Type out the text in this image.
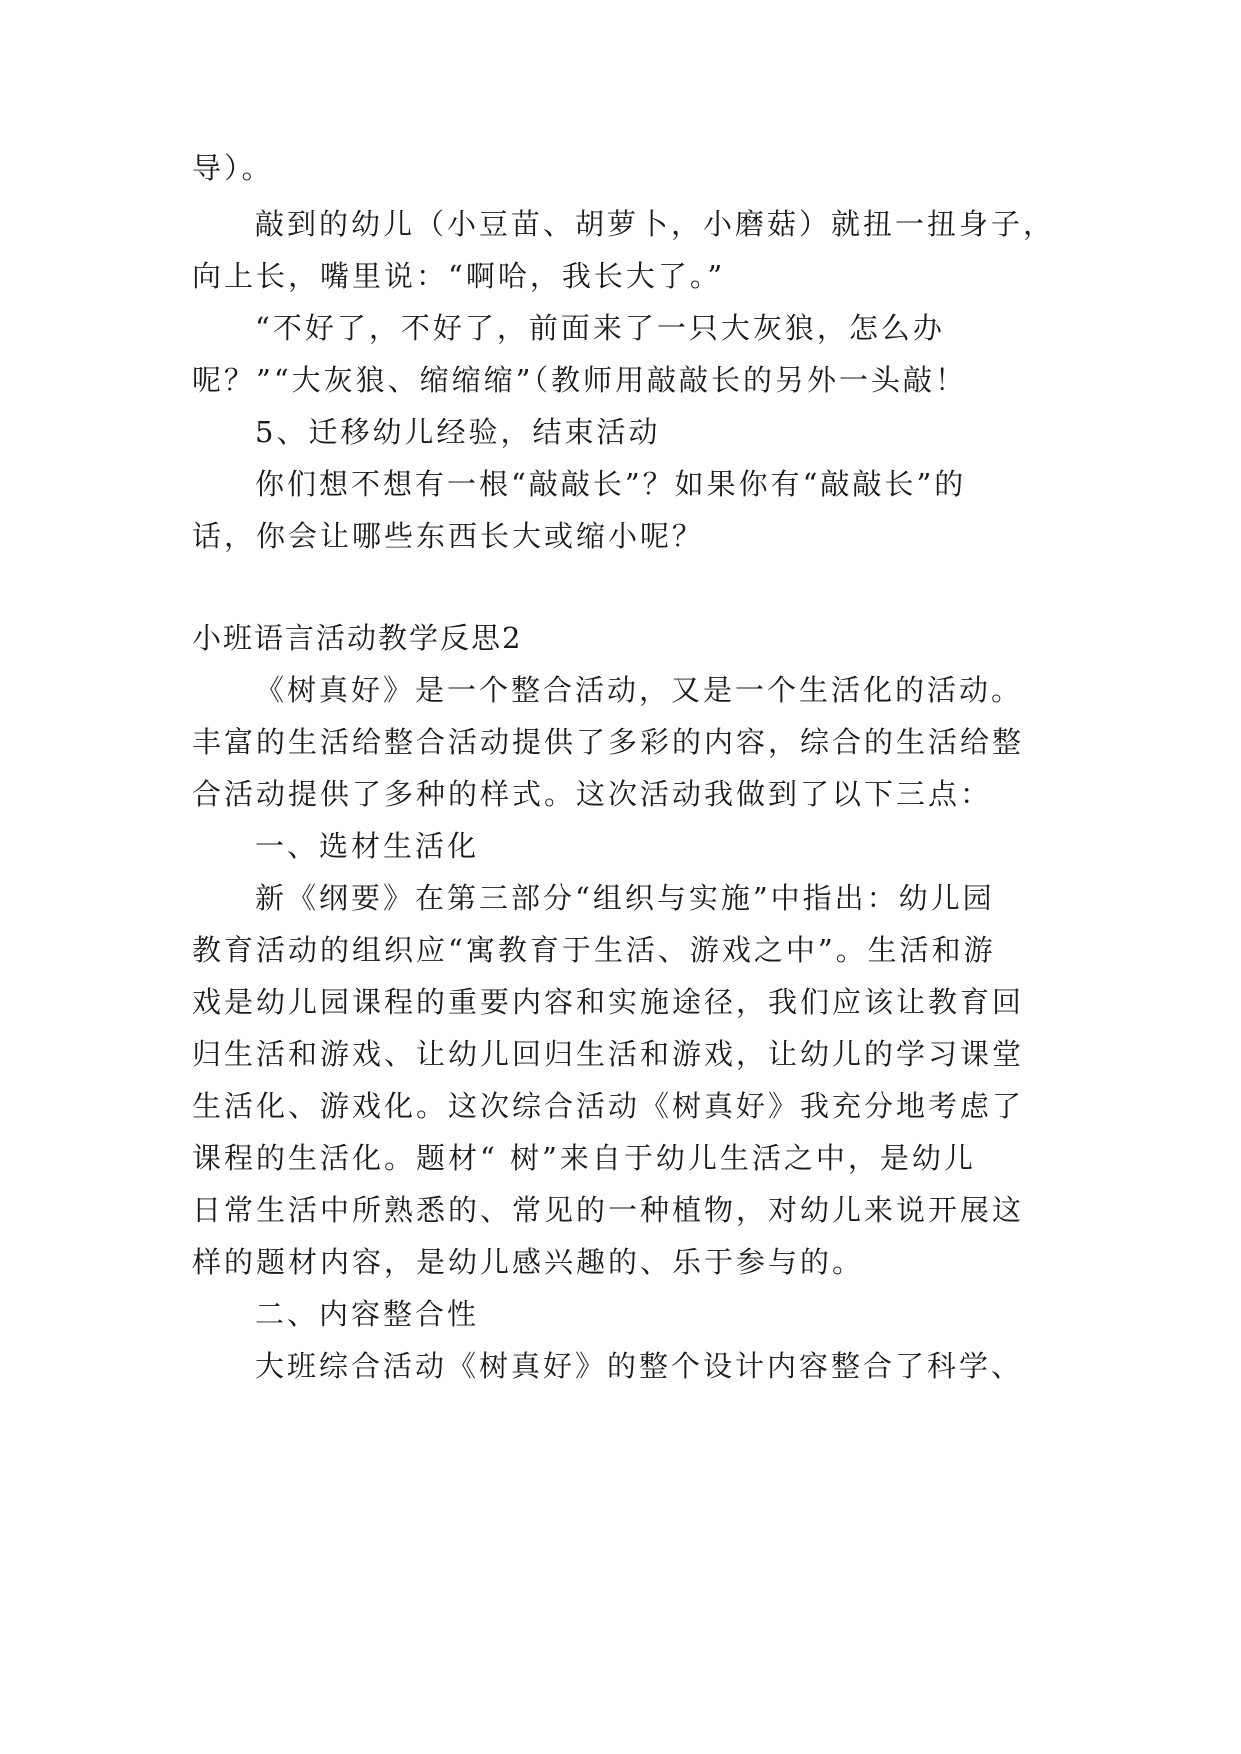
导）。
敲到的幼儿（小豆苗、胡萝卜，小磨菇）就扭一扭身子，
向上长，嘴里说：“啊哈，我长大了。”
“不好了，不好了，前面来了一只大灰狼，怎么办
呢？”“大灰狼、缩缩缩”（教师用敲敲长的另外一头敲！
5、迁移幼儿经验，结束活动
你们想不想有一根“敲敲长”？如果你有“敲敲长”的
话，你会让哪些东西长大或缩小呢？
小班语言活动教学反思2
《树真好》是一个整合活动，又是一个生活化的活动。
丰富的生活给整合活动提供了多彩的内容，综合的生活给整
合活动提供了多种的样式。这次活动我做到了以下三点：
一、选材生活化
新《纲要》在第三部分“组织与实施”中指出：幼儿园
教育活动的组织应“寓教育于生活、游戏之中”。生活和游
戏是幼儿园课程的重要内容和实施途径，我们应该让教育回
归生活和游戏、让幼儿回归生活和游戏，让幼儿的学习课堂
生活化、游戏化。这次综合活动《树真好》我充分地考虑了
课程的生活化。题材“ 树”来自于幼儿生活之中，是幼儿
日常生活中所熟悉的、常见的一种植物，对幼儿来说开展这
样的题材内容，是幼儿感兴趣的、乐于参与的。
二、内容整合性
大班综合活动《树真好》的整个设计内容整合了科学、
